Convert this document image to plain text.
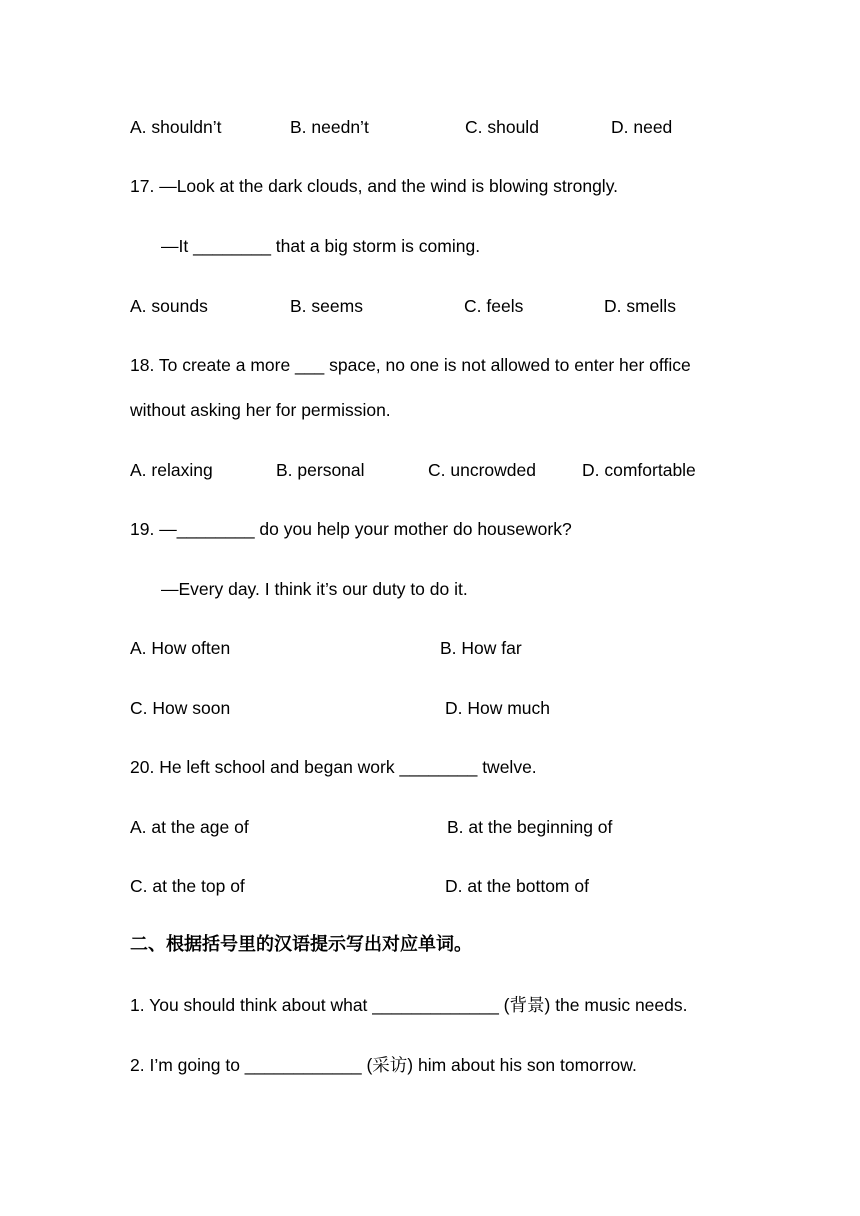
A. shouldn’t	B. needn’t	C. should	D. need
17. —Look at the dark clouds, and the wind is blowing strongly.
—It ________ that a big storm is coming.
A. sounds	B. seems	C. feels	D. smells
18. To create a more ___ space, no one is not allowed to enter her office
without asking her for permission.
A. relaxing	B. personal	C. uncrowded	D. comfortable
19. —________ do you help your mother do housework?
—Every day. I think it’s our duty to do it.
A. How often	B. How far
C. How soon	D. How much
20. He left school and began work ________ twelve.
A. at the age of	B. at the beginning of
C. at the top of	D. at the bottom of
二、根据括号里的汉语提示写出对应单词。
1. You should think about what _____________ (背景) the music needs.
2. I’m going to ____________ (采访) him about his son tomorrow.
